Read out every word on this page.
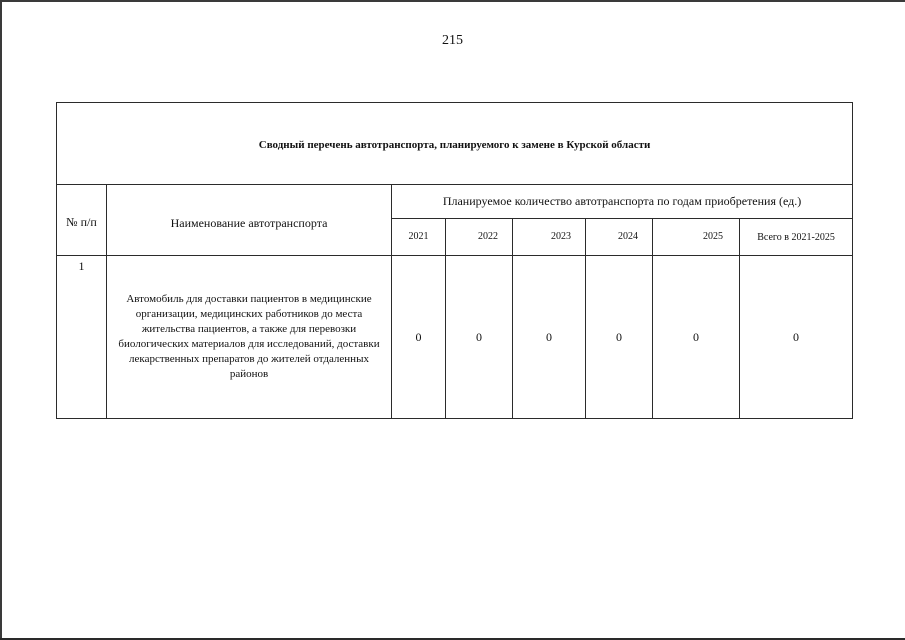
215
Сводный перечень автотранспорта, планируемого к замене в Курской области							
№ п/п	Наименование автотранспорта	Планируемое количество автотранспорта по годам приобретения (ед.)					
		2021	2022	2023	2024	2025	Всего в 2021-2025
1	Автомобиль для доставки пациентов в медицинские организации, медицинских работников до места жительства пациентов, а также для перевозки биологических материалов для исследований, доставки лекарственных препаратов до жителей отдаленных районов	0	0	0	0	0	0
